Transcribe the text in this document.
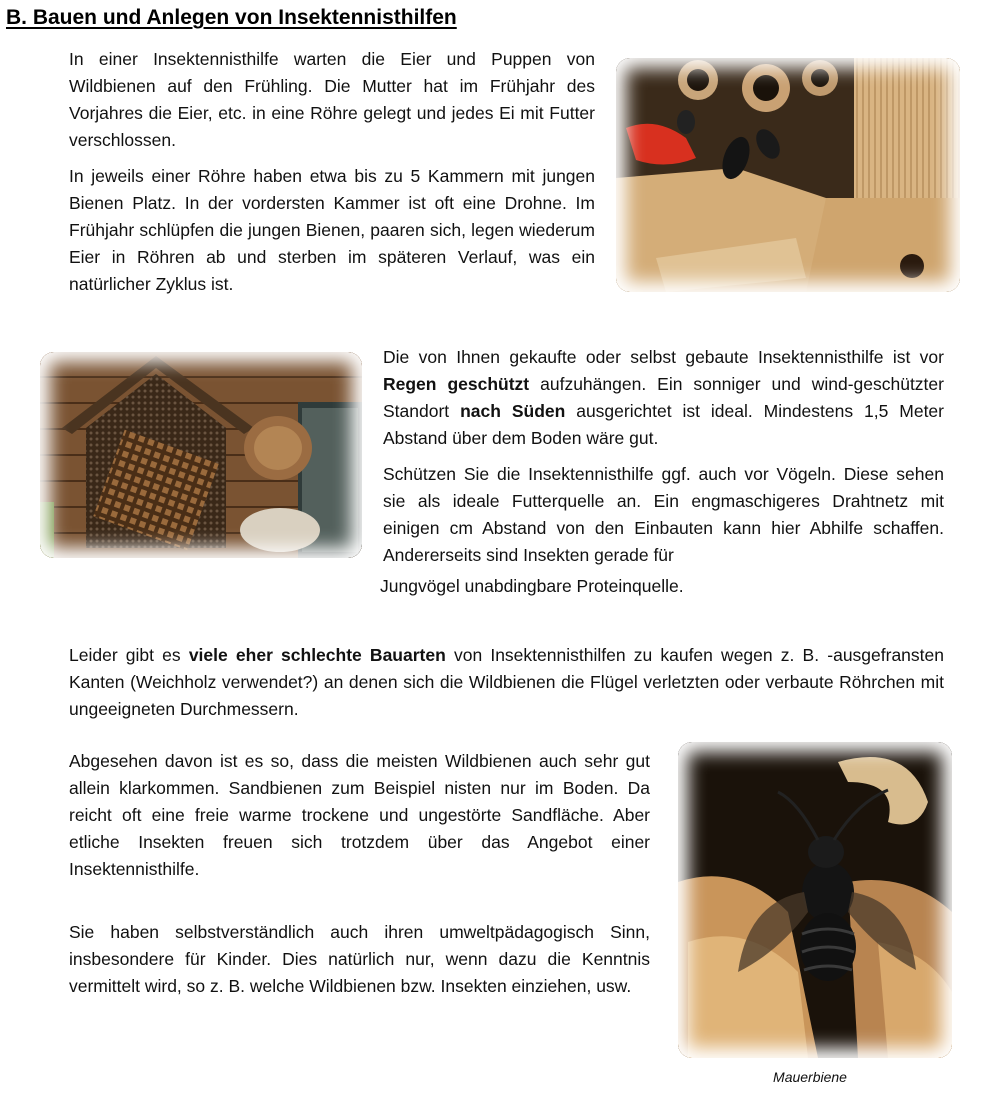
B. Bauen und Anlegen von Insektennisthilfen

In einer Insektennisthilfe warten die Eier und Puppen von Wildbienen auf den Frühling. Die Mutter hat im Frühjahr des Vorjahres die Eier, etc. in eine Röhre gelegt und jedes Ei mit Futter verschlossen.

In jeweils einer Röhre haben etwa bis zu 5 Kammern mit jungen Bienen Platz. In der vordersten Kammer ist oft eine Drohne. Im Frühjahr schlüpfen die jungen Bienen, paaren sich, legen wiederum Eier in Röhren ab und sterben im späteren Verlauf, was ein natürlicher Zyklus ist.

Die von Ihnen gekaufte oder selbst gebaute Insektennisthilfe ist vor Regen geschützt aufzuhängen. Ein sonniger und wind-geschützter Standort nach Süden ausgerichtet ist ideal. Mindestens 1,5 Meter Abstand über dem Boden wäre gut.

Schützen Sie die Insektennisthilfe ggf. auch vor Vögeln. Diese sehen sie als ideale Futterquelle an. Ein engmaschigeres Drahtnetz mit einigen cm Abstand von den Einbauten kann hier Abhilfe schaffen. Andererseits sind Insekten gerade für

Jungvögel unabdingbare Proteinquelle.

Leider gibt es viele eher schlechte Bauarten von Insektennisthilfen zu kaufen wegen z. B. -ausgefransten Kanten (Weichholz verwendet?) an denen sich die Wildbienen die Flügel verletzten oder verbaute Röhrchen mit ungeeigneten Durchmessern.

Abgesehen davon ist es so, dass die meisten Wildbienen auch sehr gut allein klarkommen. Sandbienen zum Beispiel nisten nur im Boden. Da reicht oft eine freie warme trockene und ungestörte Sandfläche. Aber etliche Insekten freuen sich trotzdem über das Angebot einer Insektennisthilfe.

Sie haben selbstverständlich auch ihren umweltpädagogisch Sinn, insbesondere für Kinder. Dies natürlich nur, wenn dazu die Kenntnis vermittelt wird, so z. B. welche Wildbienen bzw. Insekten einziehen, usw.

Mauerbiene
